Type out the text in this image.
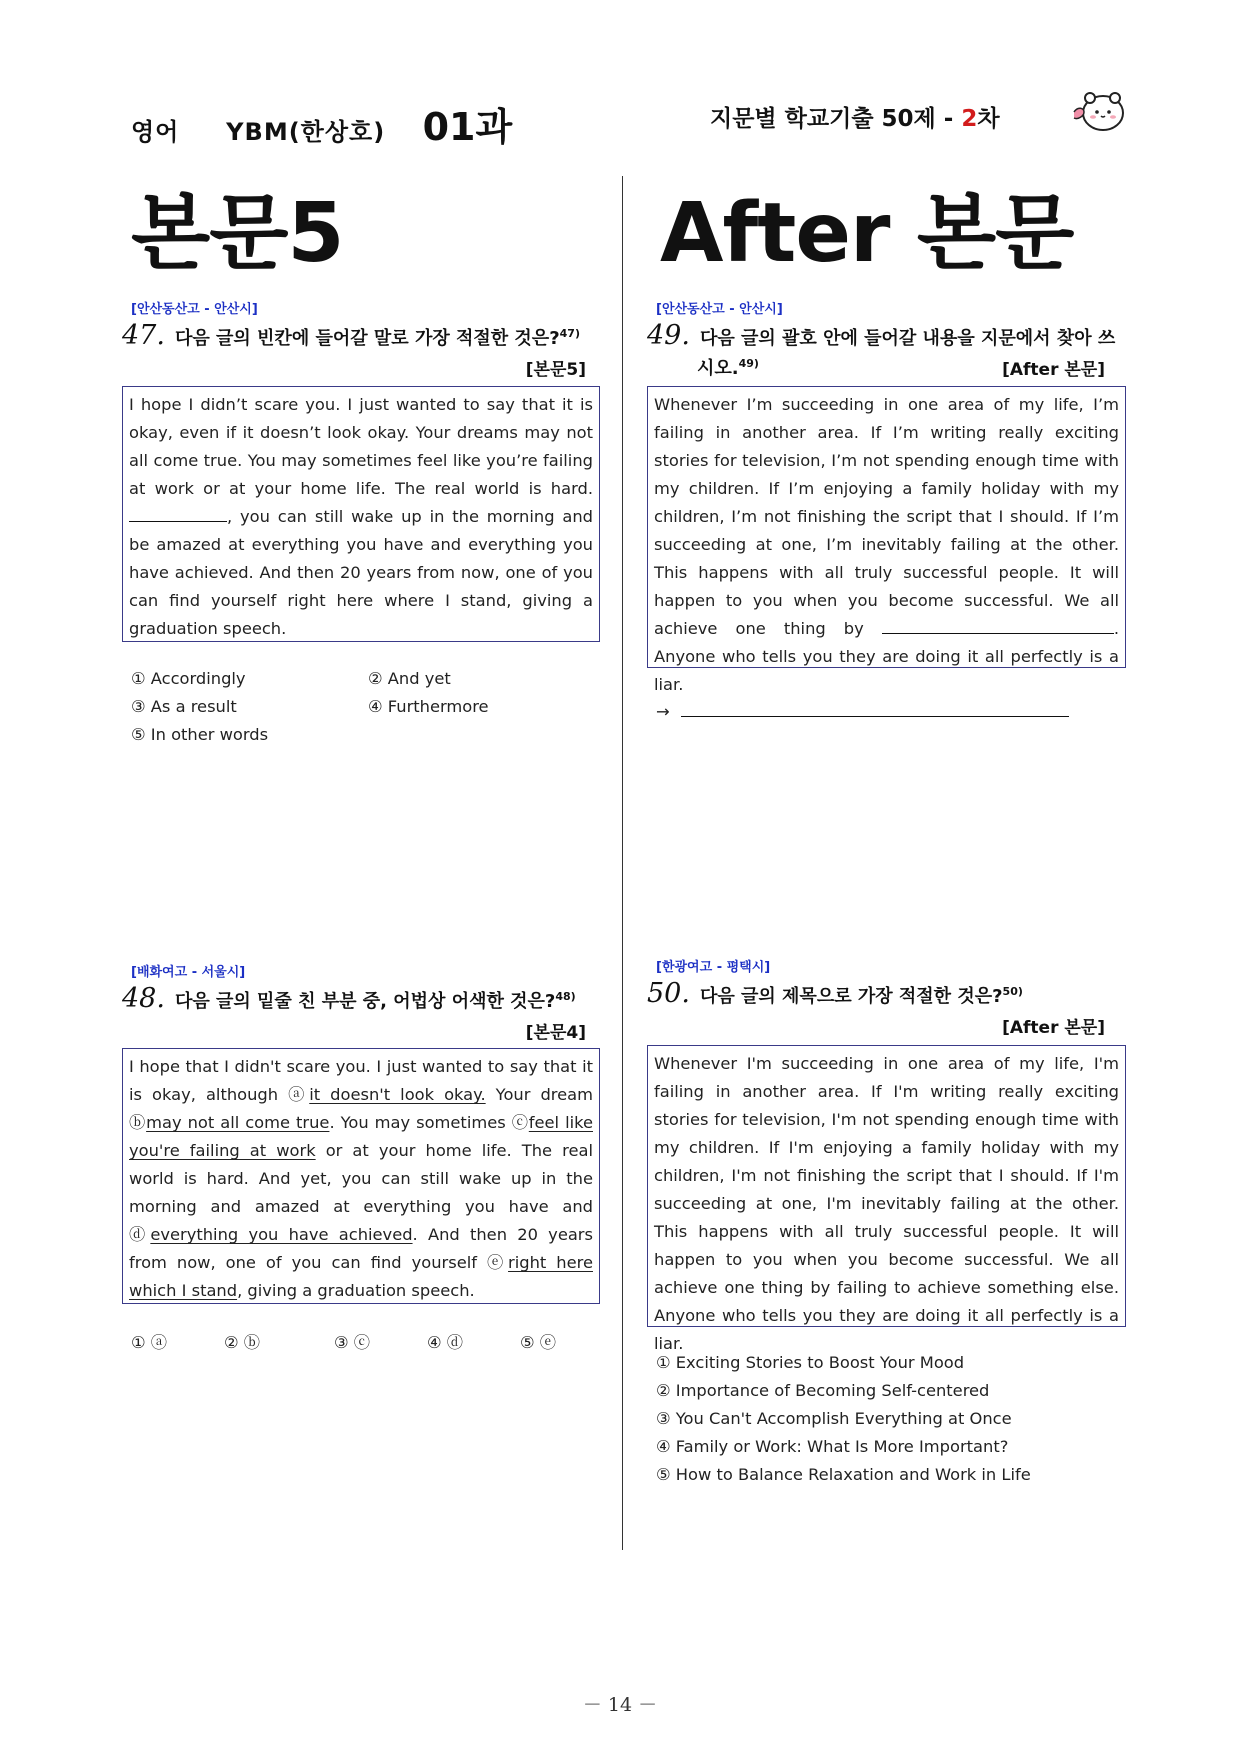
영어 YBM(한상호) 01과	지문별 학교기출 50제 - 2차
본문5	After 본문
[안산동산고 - 안산시]
47. 다음 글의 빈칸에 들어갈 말로 가장 적절한 것은?$^{47)}$
[본문5]
I hope I didn’t scare you. I just wanted to say that it is okay, even if it doesn’t look okay. Your dreams may not all come true. You may sometimes feel like you’re failing at work or at your home life. The real world is hard. , you can still wake up in the morning and be amazed at everything you have and everything you have achieved. And then 20 years from now, one of you can find yourself right here where I stand, giving a graduation speech.
① Accordingly	② And yet
③ As a result	④ Furthermore
⑤ In other words
[배화여고 - 서울시]
48. 다음 글의 밑줄 친 부분 중, 어법상 어색한 것은?$^{48)}$
[본문4]
I hope that I didn't scare you. I just wanted to say that it is okay, although ⓐit doesn't look okay. Your dream ⓑmay not all come true. You may sometimes ⓒfeel like you're failing at work or at your home life. The real world is hard. And yet, you can still wake up in the morning and amazed at everything you have and ⓓeverything you have achieved. And then 20 years from now, one of you can find yourself ⓔright here which I stand, giving a graduation speech.
① ⓐ	② ⓑ	③ ⓒ	④ ⓓ	⑤ ⓔ
[안산동산고 - 안산시]
49. 다음 글의 괄호 안에 들어갈 내용을 지문에서 찾아 쓰
시오.$^{49)}$	[After 본문]
Whenever I’m succeeding in one area of my life, I’m failing in another area. If I’m writing really exciting stories for television, I’m not spending enough time with my children. If I’m enjoying a family holiday with my children, I’m not finishing the script that I should. If I’m succeeding at one, I’m inevitably failing at the other. This happens with all truly successful people. It will happen to you when you become successful. We all achieve one thing by	. Anyone who tells you they are doing it all perfectly is a liar.
→
[한광여고 - 평택시]
50. 다음 글의 제목으로 가장 적절한 것은?$^{50)}$
[After 본문]
Whenever I'm succeeding in one area of my life, I'm failing in another area. If I'm writing really exciting stories for television, I'm not spending enough time with my children. If I'm enjoying a family holiday with my children, I'm not finishing the script that I should. If I'm succeeding at one, I'm inevitably failing at the other. This happens with all truly successful people. It will happen to you when you become successful. We all achieve one thing by failing to achieve something else. Anyone who tells you they are doing it all perfectly is a liar.
① Exciting Stories to Boost Your Mood
② Importance of Becoming Self-centered
③ You Can't Accomplish Everything at Once
④ Family or Work: What Is More Important?
⑤ How to Balance Relaxation and Work in Life
－ 14 －
